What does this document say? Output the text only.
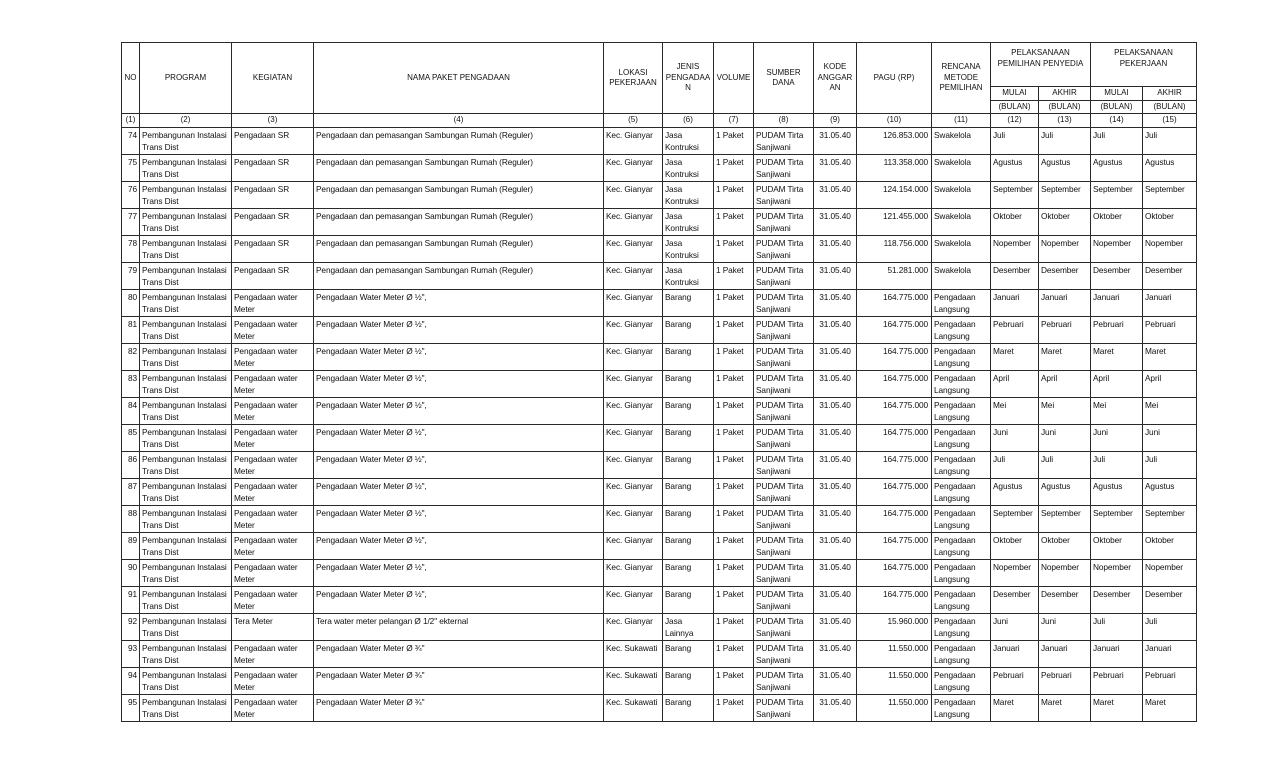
NO	PROGRAM	KEGIATAN	NAMA PAKET PENGADAAN	LOKASI PEKERJAAN	JENIS PENGADAAN	VOLUME	SUMBER DANA	KODE ANGGARAN	PAGU (RP)	RENCANA METODE PEMILIHAN	PELAKSANAAN PEMILIHAN PENYEDIA		PELAKSANAAN PEKERJAAN	
											MULAI	AKHIR	MULAI	AKHIR
											(BULAN)	(BULAN)	(BULAN)	(BULAN)
(1)	(2)	(3)	(4)	(5)	(6)	(7)	(8)	(9)	(10)	(11)	(12)	(13)	(14)	(15)
74	Pembangunan Instalasi Trans Dist	Pengadaan SR	Pengadaan dan pemasangan Sambungan Rumah (Reguler)	Kec. Gianyar	Jasa Kontruksi	1 Paket	PUDAM Tirta Sanjiwani	31.05.40	126.853.000	Swakelola	Juli	Juli	Juli	Juli
75	Pembangunan Instalasi Trans Dist	Pengadaan SR	Pengadaan dan pemasangan Sambungan Rumah (Reguler)	Kec. Gianyar	Jasa Kontruksi	1 Paket	PUDAM Tirta Sanjiwani	31.05.40	113.358.000	Swakelola	Agustus	Agustus	Agustus	Agustus
76	Pembangunan Instalasi Trans Dist	Pengadaan SR	Pengadaan dan pemasangan Sambungan Rumah (Reguler)	Kec. Gianyar	Jasa Kontruksi	1 Paket	PUDAM Tirta Sanjiwani	31.05.40	124.154.000	Swakelola	September	September	September	September
77	Pembangunan Instalasi Trans Dist	Pengadaan SR	Pengadaan dan pemasangan Sambungan Rumah (Reguler)	Kec. Gianyar	Jasa Kontruksi	1 Paket	PUDAM Tirta Sanjiwani	31.05.40	121.455.000	Swakelola	Oktober	Oktober	Oktober	Oktober
78	Pembangunan Instalasi Trans Dist	Pengadaan SR	Pengadaan dan pemasangan Sambungan Rumah (Reguler)	Kec. Gianyar	Jasa Kontruksi	1 Paket	PUDAM Tirta Sanjiwani	31.05.40	118.756.000	Swakelola	Nopember	Nopember	Nopember	Nopember
79	Pembangunan Instalasi Trans Dist	Pengadaan SR	Pengadaan dan pemasangan Sambungan Rumah (Reguler)	Kec. Gianyar	Jasa Kontruksi	1 Paket	PUDAM Tirta Sanjiwani	31.05.40	51.281.000	Swakelola	Desember	Desember	Desember	Desember
80	Pembangunan Instalasi Trans Dist	Pengadaan water Meter	Pengadaan Water Meter Ø ½",	Kec. Gianyar	Barang	1 Paket	PUDAM Tirta Sanjiwani	31.05.40	164.775.000	Pengadaan Langsung	Januari	Januari	Januari	Januari
81	Pembangunan Instalasi Trans Dist	Pengadaan water Meter	Pengadaan Water Meter Ø ½",	Kec. Gianyar	Barang	1 Paket	PUDAM Tirta Sanjiwani	31.05.40	164.775.000	Pengadaan Langsung	Pebruari	Pebruari	Pebruari	Pebruari
82	Pembangunan Instalasi Trans Dist	Pengadaan water Meter	Pengadaan Water Meter Ø ½",	Kec. Gianyar	Barang	1 Paket	PUDAM Tirta Sanjiwani	31.05.40	164.775.000	Pengadaan Langsung	Maret	Maret	Maret	Maret
83	Pembangunan Instalasi Trans Dist	Pengadaan water Meter	Pengadaan Water Meter Ø ½",	Kec. Gianyar	Barang	1 Paket	PUDAM Tirta Sanjiwani	31.05.40	164.775.000	Pengadaan Langsung	April	April	April	April
84	Pembangunan Instalasi Trans Dist	Pengadaan water Meter	Pengadaan Water Meter Ø ½",	Kec. Gianyar	Barang	1 Paket	PUDAM Tirta Sanjiwani	31.05.40	164.775.000	Pengadaan Langsung	Mei	Mei	Mei	Mei
85	Pembangunan Instalasi Trans Dist	Pengadaan water Meter	Pengadaan Water Meter Ø ½",	Kec. Gianyar	Barang	1 Paket	PUDAM Tirta Sanjiwani	31.05.40	164.775.000	Pengadaan Langsung	Juni	Juni	Juni	Juni
86	Pembangunan Instalasi Trans Dist	Pengadaan water Meter	Pengadaan Water Meter Ø ½",	Kec. Gianyar	Barang	1 Paket	PUDAM Tirta Sanjiwani	31.05.40	164.775.000	Pengadaan Langsung	Juli	Juli	Juli	Juli
87	Pembangunan Instalasi Trans Dist	Pengadaan water Meter	Pengadaan Water Meter Ø ½",	Kec. Gianyar	Barang	1 Paket	PUDAM Tirta Sanjiwani	31.05.40	164.775.000	Pengadaan Langsung	Agustus	Agustus	Agustus	Agustus
88	Pembangunan Instalasi Trans Dist	Pengadaan water Meter	Pengadaan Water Meter Ø ½",	Kec. Gianyar	Barang	1 Paket	PUDAM Tirta Sanjiwani	31.05.40	164.775.000	Pengadaan Langsung	September	September	September	September
89	Pembangunan Instalasi Trans Dist	Pengadaan water Meter	Pengadaan Water Meter Ø ½",	Kec. Gianyar	Barang	1 Paket	PUDAM Tirta Sanjiwani	31.05.40	164.775.000	Pengadaan Langsung	Oktober	Oktober	Oktober	Oktober
90	Pembangunan Instalasi Trans Dist	Pengadaan water Meter	Pengadaan Water Meter Ø ½",	Kec. Gianyar	Barang	1 Paket	PUDAM Tirta Sanjiwani	31.05.40	164.775.000	Pengadaan Langsung	Nopember	Nopember	Nopember	Nopember
91	Pembangunan Instalasi Trans Dist	Pengadaan water Meter	Pengadaan Water Meter Ø ½",	Kec. Gianyar	Barang	1 Paket	PUDAM Tirta Sanjiwani	31.05.40	164.775.000	Pengadaan Langsung	Desember	Desember	Desember	Desember
92	Pembangunan Instalasi Trans Dist	Tera Meter	Tera water meter pelangan Ø 1/2" ekternal	Kec. Gianyar	Jasa Lainnya	1 Paket	PUDAM Tirta Sanjiwani	31.05.40	15.960.000	Pengadaan Langsung	Juni	Juni	Juli	Juli
93	Pembangunan Instalasi Trans Dist	Pengadaan water Meter	Pengadaan Water Meter Ø ¾"	Kec. Sukawati	Barang	1 Paket	PUDAM Tirta Sanjiwani	31.05.40	11.550.000	Pengadaan Langsung	Januari	Januari	Januari	Januari
94	Pembangunan Instalasi Trans Dist	Pengadaan water Meter	Pengadaan Water Meter Ø ¾"	Kec. Sukawati	Barang	1 Paket	PUDAM Tirta Sanjiwani	31.05.40	11.550.000	Pengadaan Langsung	Pebruari	Pebruari	Pebruari	Pebruari
95	Pembangunan Instalasi Trans Dist	Pengadaan water Meter	Pengadaan Water Meter Ø ¾"	Kec. Sukawati	Barang	1 Paket	PUDAM Tirta Sanjiwani	31.05.40	11.550.000	Pengadaan Langsung	Maret	Maret	Maret	Maret
